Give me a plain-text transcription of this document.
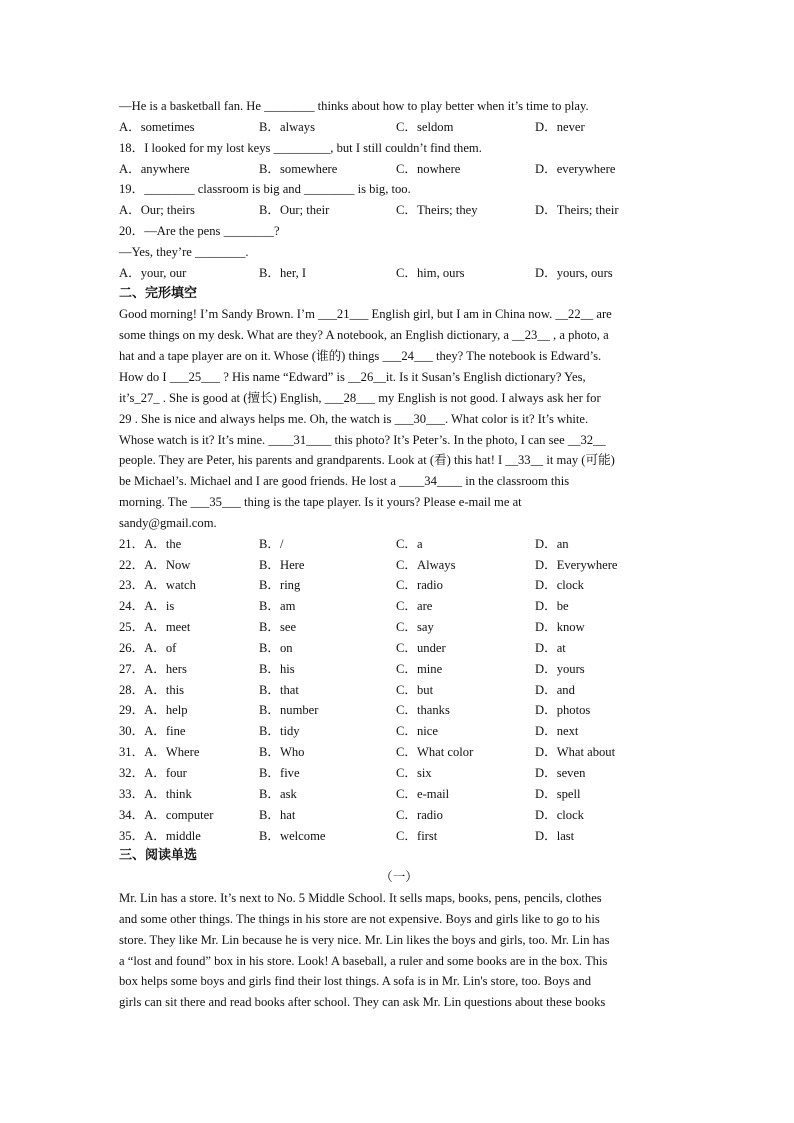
—He is a basketball fan. He ________ thinks about how to play better when it’s time to play.
A．sometimes	B．always	C．seldom	D．never
18．I looked for my lost keys _________, but I still couldn’t find them.
A．anywhere	B．somewhere	C．nowhere	D．everywhere
19．________ classroom is big and ________ is big, too.
A．Our; theirs	B．Our; their	C．Theirs; they	D．Theirs; their
20．—Are the pens ________?
—Yes, they’re ________.
A．your, our	B．her, I	C．him, ours	D．yours, ours
二、完形填空
Good morning! I’m Sandy Brown. I’m ___21___ English girl, but I am in China now. __22__ are
some things on my desk. What are they? A notebook, an English dictionary, a __23__ , a photo, a
hat and a tape player are on it. Whose (谁的) things ___24___ they? The notebook is Edward’s.
How do I ___25___ ? His name “Edward” is __26__it. Is it Susan’s English dictionary? Yes,
it’s_27_ . She is good at (擅长) English, ___28___ my English is not good. I always ask her for
29 . She is nice and always helps me. Oh, the watch is ___30___. What color is it? It’s white.
Whose watch is it? It’s mine. ____31____ this photo? It’s Peter’s. In the photo, I can see __32__
people. They are Peter, his parents and grandparents. Look at (看) this hat! I __33__ it may (可能)
be Michael’s. Michael and I are good friends. He lost a ____34____ in the classroom this
morning. The ___35___ thing is the tape player. Is it yours? Please e-mail me at
sandy@gmail.com.
21．A．the	B．/	C．a	D．an
22．A．Now	B．Here	C．Always	D．Everywhere
23．A．watch	B．ring	C．radio	D．clock
24．A．is	B．am	C．are	D．be
25．A．meet	B．see	C．say	D．know
26．A．of	B．on	C．under	D．at
27．A．hers	B．his	C．mine	D．yours
28．A．this	B．that	C．but	D．and
29．A．help	B．number	C．thanks	D．photos
30．A．fine	B．tidy	C．nice	D．next
31．A．Where	B．Who	C．What color	D．What about
32．A．four	B．five	C．six	D．seven
33．A．think	B．ask	C．e-mail	D．spell
34．A．computer	B．hat	C．radio	D．clock
35．A．middle	B．welcome	C．first	D．last
三、阅读单选
（一）
Mr. Lin has a store. It’s next to No. 5 Middle School. It sells maps, books, pens, pencils, clothes
and some other things. The things in his store are not expensive. Boys and girls like to go to his
store. They like Mr. Lin because he is very nice. Mr. Lin likes the boys and girls, too. Mr. Lin has
a “lost and found” box in his store. Look! A baseball, a ruler and some books are in the box. This
box helps some boys and girls find their lost things. A sofa is in Mr. Lin's store, too. Boys and
girls can sit there and read books after school. They can ask Mr. Lin questions about these books
